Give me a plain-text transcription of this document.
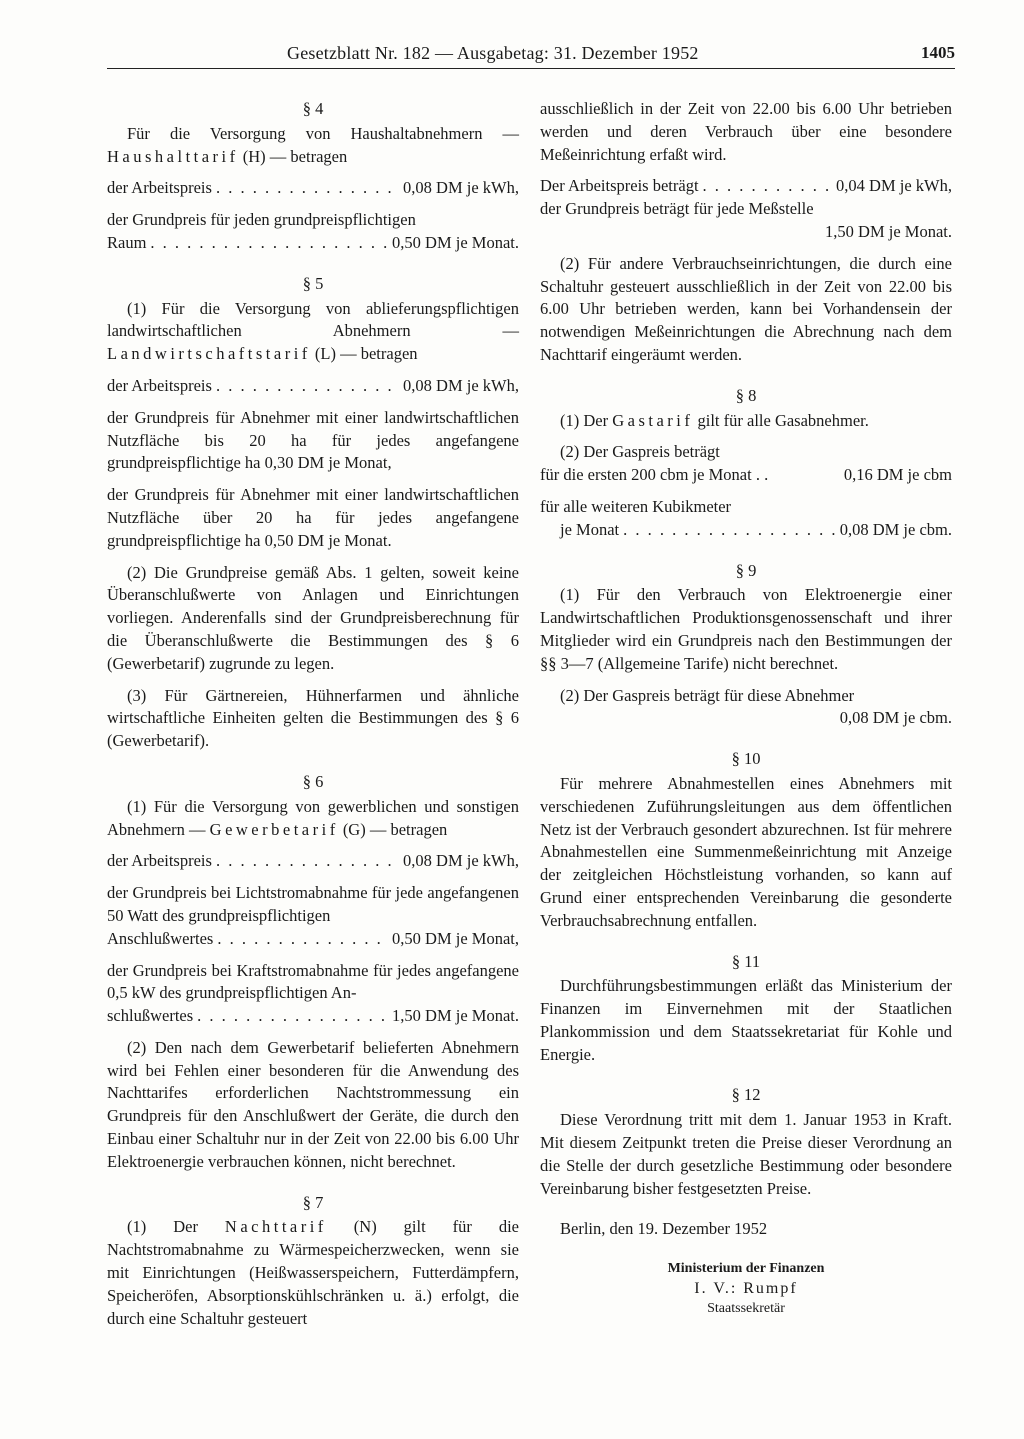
Gesetzblatt Nr. 182 — Ausgabetag: 31. Dezember 1952	1405
§ 4

Für die Versorgung von Haushaltabnehmern — Haushalttarif (H) — betragen

der Arbeitspreis . . .	0,08 DM je kWh,

der Grundpreis für jeden grundpreispflichtigen

Raum . . .	0,50 DM je Monat.
§ 5

(1) Für die Versorgung von ablieferungspflichtigen landwirtschaftlichen Abnehmern — Landwirtschaftstarif (L) — betragen

der Arbeitspreis . . .	0,08 DM je kWh,

der Grundpreis für Abnehmer mit einer landwirtschaftlichen Nutzfläche bis 20 ha für jedes angefangene grundpreispflichtige ha 0,30 DM je Monat,

der Grundpreis für Abnehmer mit einer landwirtschaftlichen Nutzfläche über 20 ha für jedes angefangene grundpreispflichtige ha 0,50 DM je Monat.

(2) Die Grundpreise gemäß Abs. 1 gelten, soweit keine Überanschlußwerte von Anlagen und Einrichtungen vorliegen. Anderenfalls sind der Grundpreisberechnung für die Überanschlußwerte die Bestimmungen des § 6 (Gewerbetarif) zugrunde zu legen.

(3) Für Gärtnereien, Hühnerfarmen und ähnliche wirtschaftliche Einheiten gelten die Bestimmungen des § 6 (Gewerbetarif).

§ 6

(1) Für die Versorgung von gewerblichen und sonstigen Abnehmern — Gewerbetarif (G) — betragen

der Arbeitspreis . . .	0,08 DM je kWh,

der Grundpreis bei Lichtstromabnahme für jede angefangenen 50 Watt des grundpreispflichtigen

Anschlußwertes . . .	0,50 DM je Monat,

der Grundpreis bei Kraftstromabnahme für jedes angefangene 0,5 kW des grundpreispflichtigen An-

schlußwertes . . .	1,50 DM je Monat.

(2) Den nach dem Gewerbetarif belieferten Abnehmern wird bei Fehlen einer besonderen für die Anwendung des Nachttarifes erforderlichen Nachtstrommessung ein Grundpreis für den Anschlußwert der Geräte, die durch den Einbau einer Schaltuhr nur in der Zeit von 22.00 bis 6.00 Uhr Elektroenergie verbrauchen können, nicht berechnet.

§ 7

(1) Der Nachttarif (N) gilt für die Nachtstromabnahme zu Wärmespeicherzwecken, wenn sie mit Einrichtungen (Heißwasserspeichern, Futterdämpfern, Speicheröfen, Absorptionskühlschränken u. ä.) erfolgt, die durch eine Schaltuhr gesteuert

ausschließlich in der Zeit von 22.00 bis 6.00 Uhr betrieben werden und deren Verbrauch über eine besondere Meßeinrichtung erfaßt wird.

Der Arbeitspreis beträgt . . .	0,04 DM je kWh,

der Grundpreis beträgt für jede Meßstelle

1,50 DM je Monat.

(2) Für andere Verbrauchseinrichtungen, die durch eine Schaltuhr gesteuert ausschließlich in der Zeit von 22.00 bis 6.00 Uhr betrieben werden, kann bei Vorhandensein der notwendigen Meßeinrichtungen die Abrechnung nach dem Nachttarif eingeräumt werden.

§ 8

(1) Der Gastarif gilt für alle Gasabnehmer.

(2) Der Gaspreis beträgt

für die ersten 200 cbm je Monat . .	0,16 DM je cbm

für alle weiteren Kubikmeter

je Monat . . .	0,08 DM je cbm.
§ 9

(1) Für den Verbrauch von Elektroenergie einer Landwirtschaftlichen Produktionsgenossenschaft und ihrer Mitglieder wird ein Grundpreis nach den Bestimmungen der §§ 3—7 (Allgemeine Tarife) nicht berechnet.

(2) Der Gaspreis beträgt für diese Abnehmer

0,08 DM je cbm.
§ 10

Für mehrere Abnahmestellen eines Abnehmers mit verschiedenen Zuführungsleitungen aus dem öffentlichen Netz ist der Verbrauch gesondert abzurechnen. Ist für mehrere Abnahmestellen eine Summenmeßeinrichtung mit Anzeige der zeitgleichen Höchstleistung vorhanden, so kann auf Grund einer entsprechenden Vereinbarung die gesonderte Verbrauchsabrechnung entfallen.

§ 11

Durchführungsbestimmungen erläßt das Ministerium der Finanzen im Einvernehmen mit der Staatlichen Plankommission und dem Staatssekretariat für Kohle und Energie.

§ 12

Diese Verordnung tritt mit dem 1. Januar 1953 in Kraft. Mit diesem Zeitpunkt treten die Preise dieser Verordnung an die Stelle der durch gesetzliche Bestimmung oder besondere Vereinbarung bisher festgesetzten Preise.

Berlin, den 19. Dezember 1952

Ministerium der Finanzen
I. V.: Rumpf
Staatssekretär
